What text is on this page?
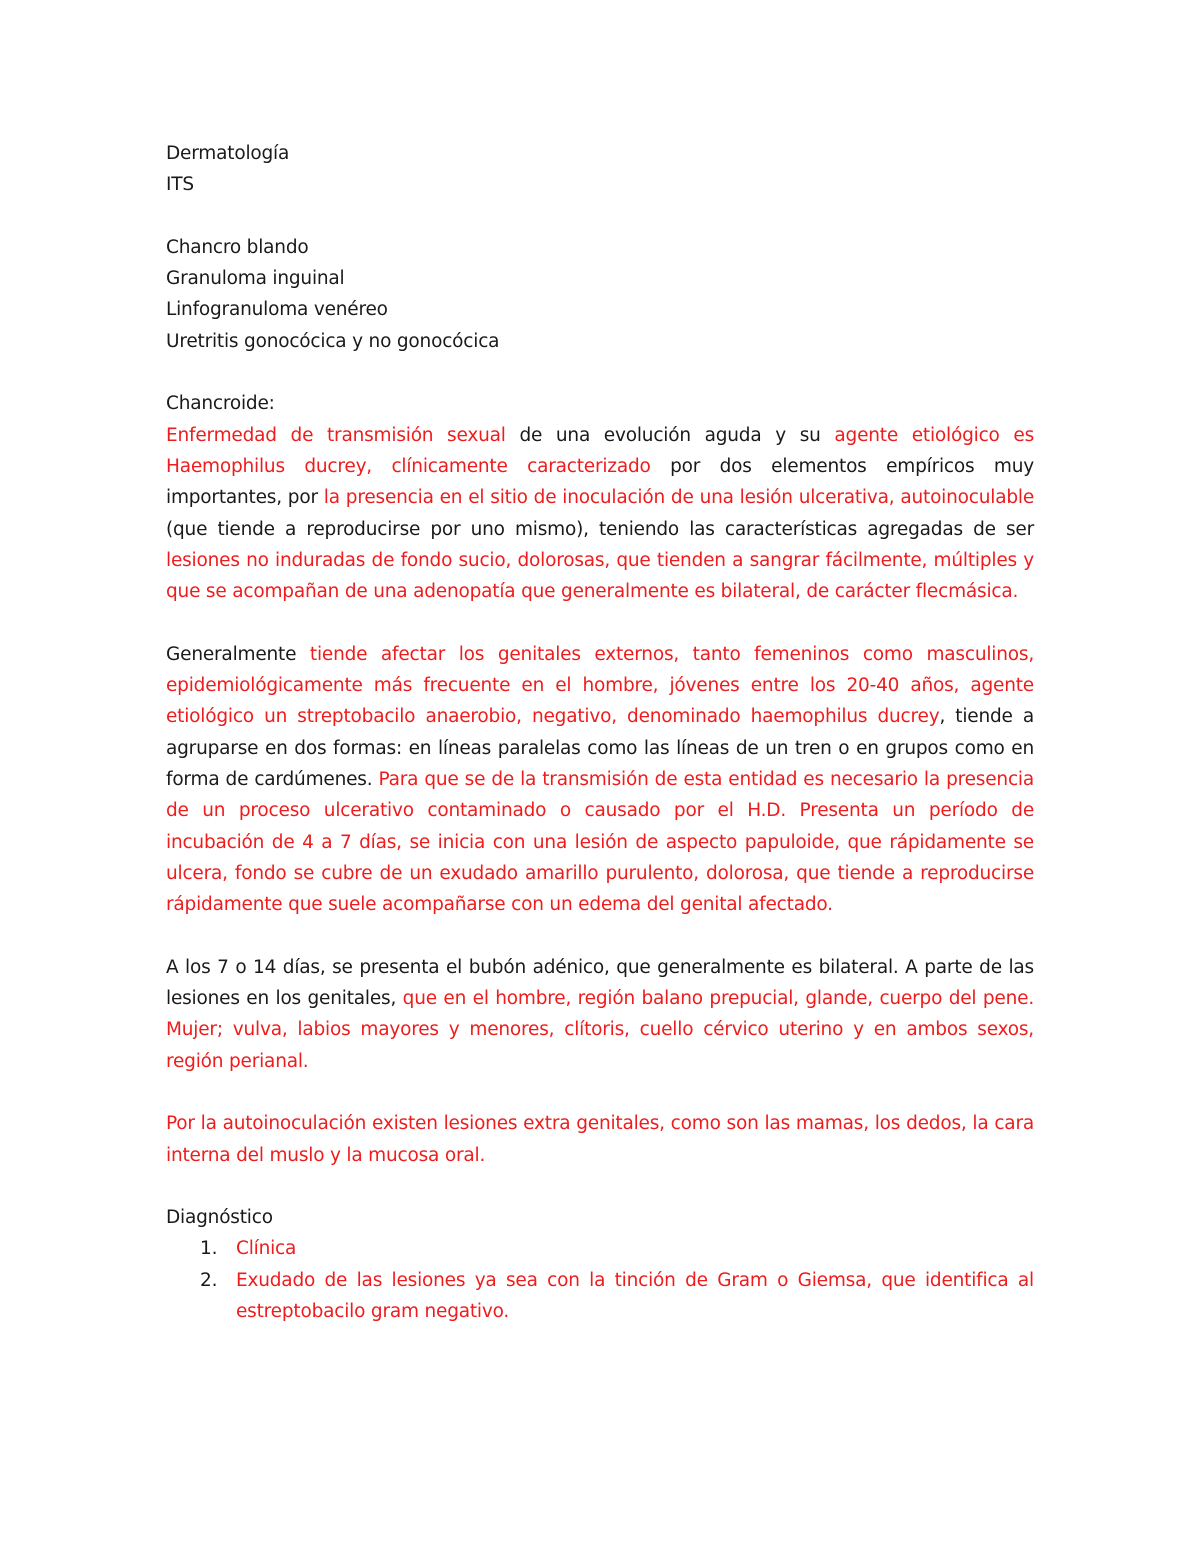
Dermatología
ITS
Chancro blando
Granuloma inguinal
Linfogranuloma venéreo
Uretritis gonocócica y no gonocócica
Chancroide:

Enfermedad de transmisión sexual de una evolución aguda y su agente etiológico es Haemophilus ducrey, clínicamente caracterizado por dos elementos empíricos muy importantes, por la presencia en el sitio de inoculación de una lesión ulcerativa, autoinoculable (que tiende a reproducirse por uno mismo), teniendo las características agregadas de ser lesiones no induradas de fondo sucio, dolorosas, que tienden a sangrar fácilmente, múltiples y que se acompañan de una adenopatía que generalmente es bilateral, de carácter flecmásica.

Generalmente tiende afectar los genitales externos, tanto femeninos como masculinos, epidemiológicamente más frecuente en el hombre, jóvenes entre los 20-40 años, agente etiológico un streptobacilo anaerobio, negativo, denominado haemophilus ducrey, tiende a agruparse en dos formas: en líneas paralelas como las líneas de un tren o en grupos como en forma de cardúmenes. Para que se de la transmisión de esta entidad es necesario la presencia de un proceso ulcerativo contaminado o causado por el H.D. Presenta un período de incubación de 4 a 7 días, se inicia con una lesión de aspecto papuloide, que rápidamente se ulcera, fondo se cubre de un exudado amarillo purulento, dolorosa, que tiende a reproducirse rápidamente que suele acompañarse con un edema del genital afectado.

A los 7 o 14 días, se presenta el bubón adénico, que generalmente es bilateral. A parte de las lesiones en los genitales, que en el hombre, región balano prepucial, glande, cuerpo del pene. Mujer; vulva, labios mayores y menores, clítoris, cuello cérvico uterino y en ambos sexos, región perianal.

Por la autoinoculación existen lesiones extra genitales, como son las mamas, los dedos, la cara interna del muslo y la mucosa oral.

Diagnóstico
1. Clínica
2. Exudado de las lesiones ya sea con la tinción de Gram o Giemsa, que identifica al estreptobacilo gram negativo.
